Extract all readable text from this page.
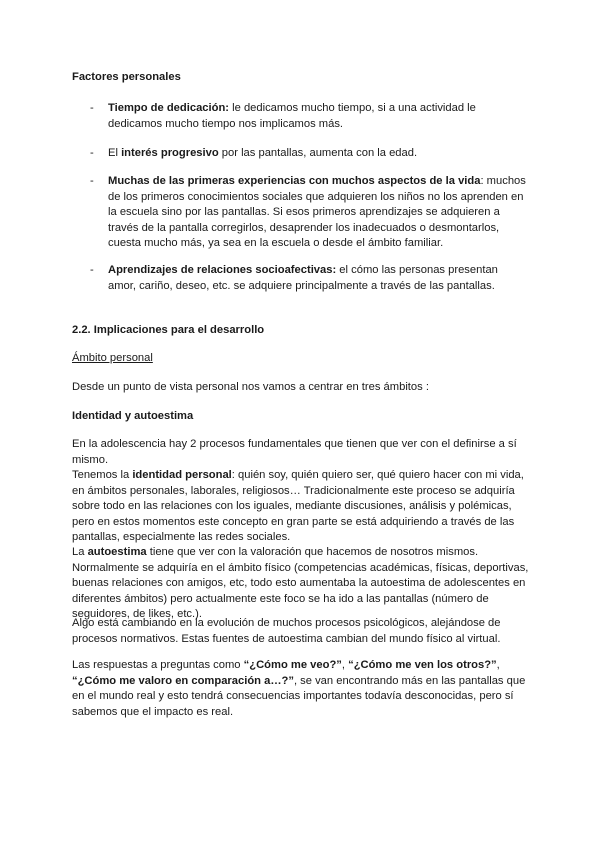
Factores personales

-	Tiempo de dedicación: le dedicamos mucho tiempo, si a una actividad le dedicamos mucho tiempo nos implicamos más.

-	El interés progresivo por las pantallas, aumenta con la edad.

-	Muchas de las primeras experiencias con muchos aspectos de la vida: muchos de los primeros conocimientos sociales que adquieren los niños no los aprenden en la escuela sino por las pantallas. Si esos primeros aprendizajes se adquieren a través de la pantalla corregirlos, desaprender los inadecuados o desmontarlos, cuesta mucho más, ya sea en la escuela o desde el ámbito familiar.

-	Aprendizajes de relaciones socioafectivas: el cómo las personas presentan amor, cariño, deseo, etc. se adquiere principalmente a través de las pantallas.

2.2. Implicaciones para el desarrollo

Ámbito personal

Desde un punto de vista personal nos vamos a centrar en tres ámbitos :

Identidad y autoestima

En la adolescencia hay 2 procesos fundamentales que tienen que ver con el definirse a sí mismo.

Tenemos la identidad personal: quién soy, quién quiero ser, qué quiero hacer con mi vida, en ámbitos personales, laborales, religiosos… Tradicionalmente este proceso se adquiría sobre todo en las relaciones con los iguales, mediante discusiones, análisis y polémicas, pero en estos momentos este concepto en gran parte se está adquiriendo a través de las pantallas, especialmente las redes sociales.

La autoestima tiene que ver con la valoración que hacemos de nosotros mismos. Normalmente se adquiría en el ámbito físico (competencias académicas, físicas, deportivas, buenas relaciones con amigos, etc, todo esto aumentaba la autoestima de adolescentes en diferentes ámbitos) pero actualmente este foco se ha ido a las pantallas (número de seguidores, de likes, etc.).

Algo está cambiando en la evolución de muchos procesos psicológicos, alejándose de procesos normativos. Estas fuentes de autoestima cambian del mundo físico al virtual.

Las respuestas a preguntas como “¿Cómo me veo?”, “¿Cómo me ven los otros?”, “¿Cómo me valoro en comparación a…?”, se van encontrando más en las pantallas que en el mundo real y esto tendrá consecuencias importantes todavía desconocidas, pero sí sabemos que el impacto es real.
